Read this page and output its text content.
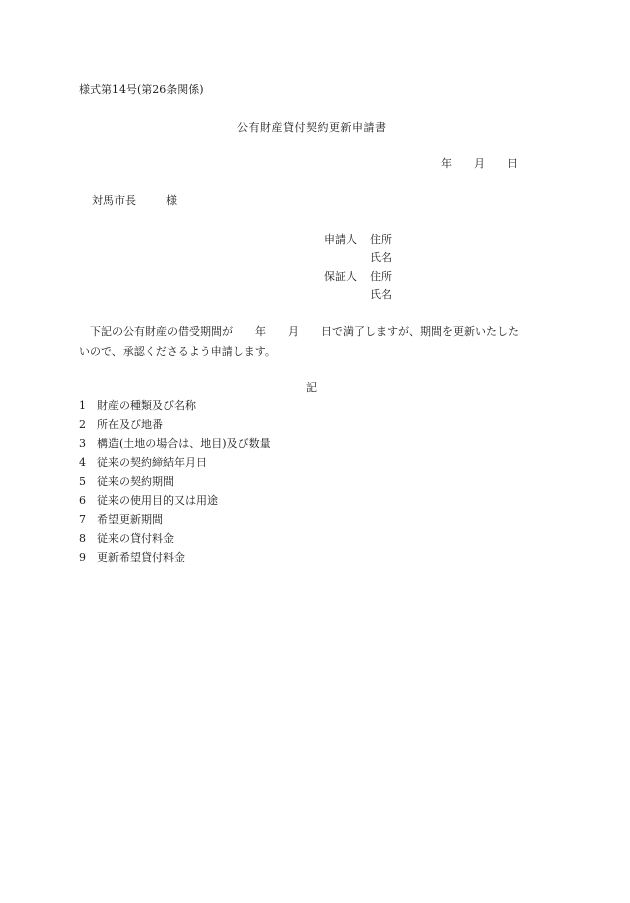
様式第14号(第26条関係)
公有財産貸付契約更新申請書
年 月 日
対馬市長	様
申請人 住所
氏名
保証人 住所
氏名
下記の公有財産の借受期間が 年 月 日で満了しますが、期間を更新いたした
いので、承認くださるよう申請します。
記
1 財産の種類及び名称
2 所在及び地番
3 構造(土地の場合は、地目)及び数量
4 従来の契約締結年月日
5 従来の契約期間
6 従来の使用目的又は用途
7 希望更新期間
8 従来の貸付料金
9 更新希望貸付料金
